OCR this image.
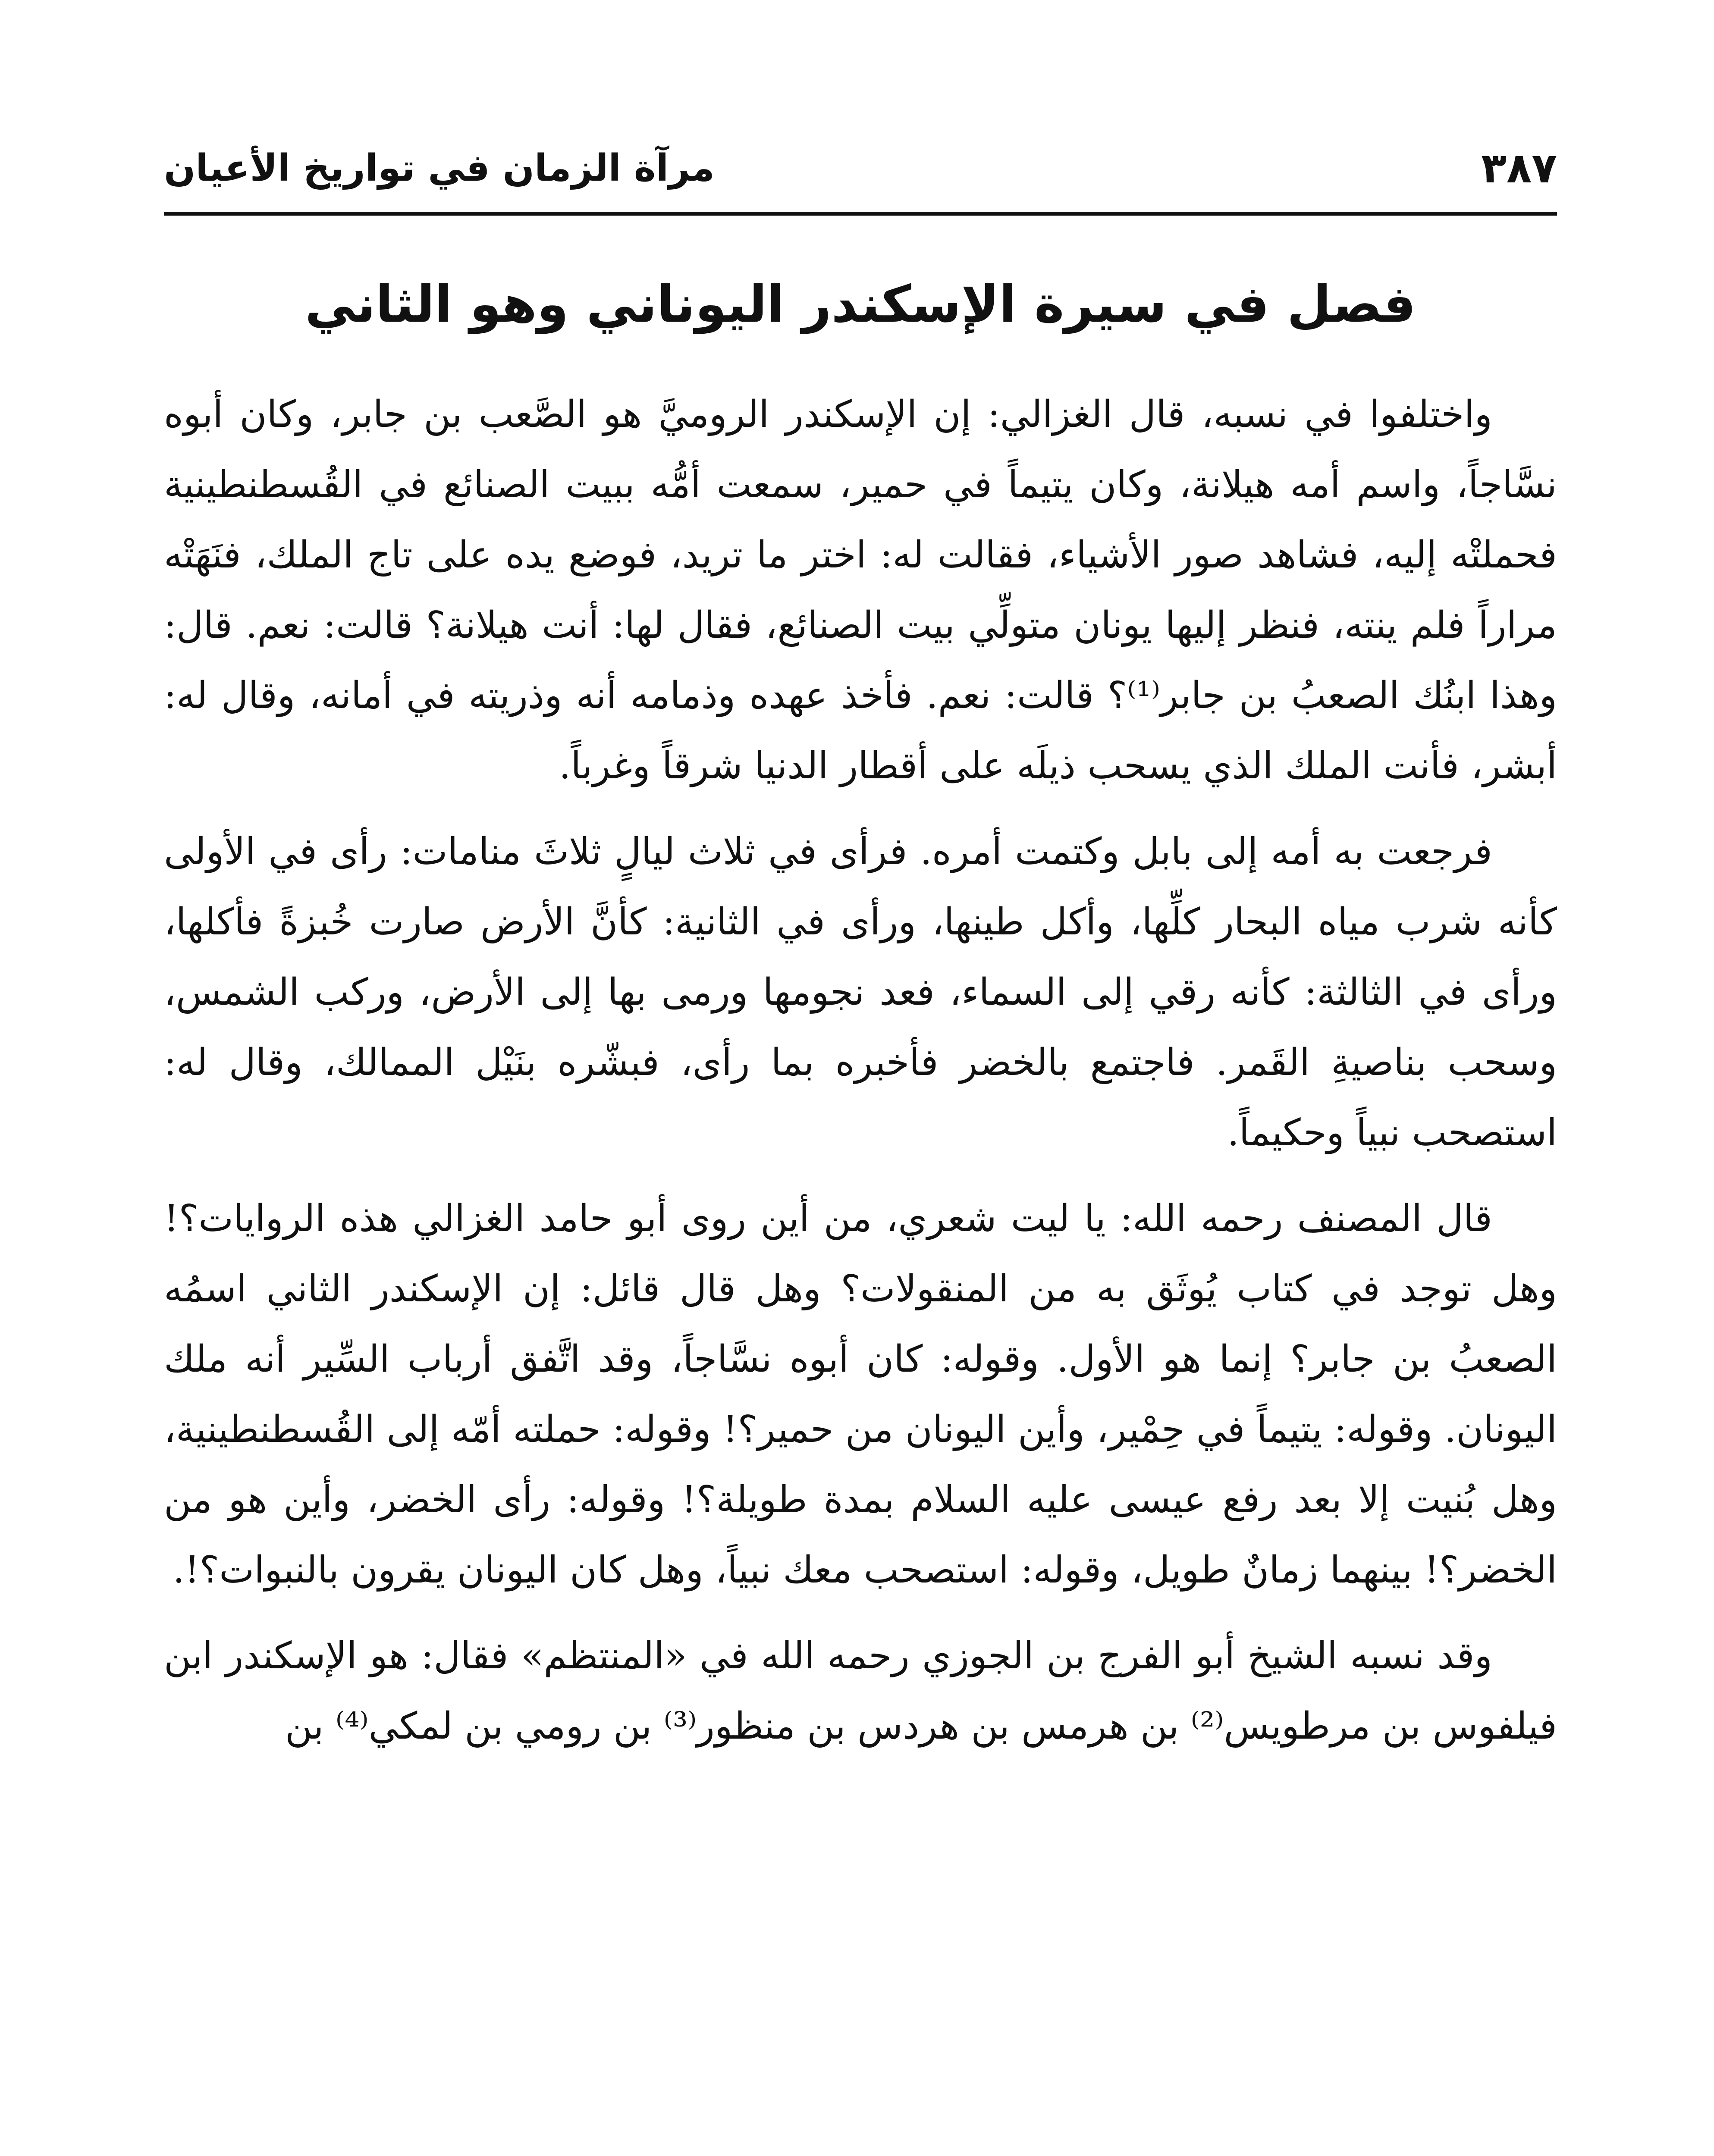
٣٨٧
مرآة الزمان في تواريخ الأعيان
فصل في سيرة الإسكندر اليوناني وهو الثاني

واختلفوا في نسبه، قال الغزالي: إن الإسكندر الروميَّ هو الصَّعب بن جابر، وكان أبوه نسَّاجاً، واسم أمه هيلانة، وكان يتيماً في حمير، سمعت أمُّه ببيت الصنائع في القُسطنطينية فحملتْه إليه، فشاهد صور الأشياء، فقالت له: اختر ما تريد، فوضع يده على تاج الملك، فنَهَتْه مراراً فلم ينته، فنظر إليها يونان متولِّي بيت الصنائع، فقال لها: أنت هيلانة؟ قالت: نعم. قال: وهذا ابنُك الصعبُ بن جابر⁽¹⁾؟ قالت: نعم. فأخذ عهده وذمامه أنه وذريته في أمانه، وقال له: أبشر، فأنت الملك الذي يسحب ذيلَه على أقطار الدنيا شرقاً وغرباً.

فرجعت به أمه إلى بابل وكتمت أمره. فرأى في ثلاث ليالٍ ثلاثَ منامات: رأى في الأولى كأنه شرب مياه البحار كلِّها، وأكل طينها، ورأى في الثانية: كأنَّ الأرض صارت خُبزةً فأكلها، ورأى في الثالثة: كأنه رقي إلى السماء، فعد نجومها ورمى بها إلى الأرض، وركب الشمس، وسحب بناصيةِ القَمر. فاجتمع بالخضر فأخبره بما رأى، فبشّره بنَيْل الممالك، وقال له: استصحب نبياً وحكيماً.

قال المصنف رحمه الله: يا ليت شعري، من أين روى أبو حامد الغزالي هذه الروايات؟! وهل توجد في كتاب يُوثَق به من المنقولات؟ وهل قال قائل: إن الإسكندر الثاني اسمُه الصعبُ بن جابر؟ إنما هو الأول. وقوله: كان أبوه نسَّاجاً، وقد اتَّفق أرباب السِّير أنه ملك اليونان. وقوله: يتيماً في حِمْير، وأين اليونان من حمير؟! وقوله: حملته أمّه إلى القُسطنطينية، وهل بُنيت إلا بعد رفع عيسى عليه السلام بمدة طويلة؟! وقوله: رأى الخضر، وأين هو من الخضر؟! بينهما زمانٌ طويل، وقوله: استصحب معك نبياً، وهل كان اليونان يقرون بالنبوات؟!.

وقد نسبه الشيخ أبو الفرج بن الجوزي رحمه الله في «المنتظم» فقال: هو الإسكندر ابن فيلفوس بن مرطويس⁽²⁾ بن هرمس بن هردس بن منظور⁽³⁾ بن رومي بن لمكي⁽⁴⁾ بن
